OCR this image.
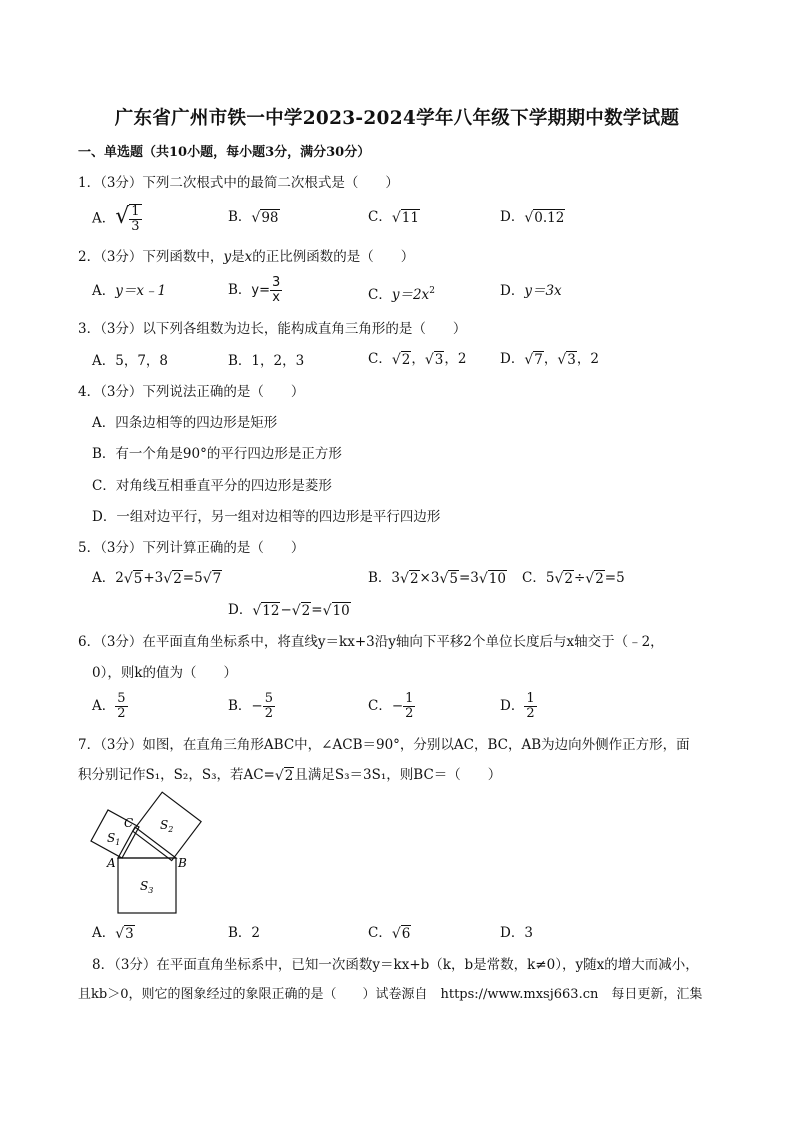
广东省广州市铁一中学2023-2024学年八年级下学期期中数学试题
一、单选题（共10小题，每小题3分，满分30分）
1．（3分）下列二次根式中的最简二次根式是（　　）
A．√ $\frac{1}{3}$	B．√98	C．√11	D．√0.12
2．（3分）下列函数中，y是x的正比例函数的是（　　）
A．y＝x﹣1	B．$y= \frac{3}{x}$	C．$y=2x^2$	D．y＝3x
3．（3分）以下列各组数为边长，能构成直角三角形的是（　　）
A．5，7，8	B．1，2，3	C．√2，√3，2 D．√7，√3，2
4．（3分）下列说法正确的是（　　）
A．四条边相等的四边形是矩形
B．有一个角是90°的平行四边形是正方形
C．对角线互相垂直平分的四边形是菱形
D．一组对边平行，另一组对边相等的四边形是平行四边形
5．（3分）下列计算正确的是（　　）
A．2√5+3√2=5√7	B．3√2×3√5=3√10 C．5√2÷√2=5
D．√12−√2=√10
6．（3分）在平面直角坐标系中，将直线y＝kx+3沿y轴向下平移2个单位长度后与x轴交于（﹣2，
0），则k的值为（　　）
A． $\frac{5}{2}$	B．− $\frac{5}{2}$	C．− $\frac{1}{2}$	D． $\frac{1}{2}$
7．（3分）如图，在直角三角形ABC中，∠ACB＝90°，分别以AC，BC，AB为边向外侧作正方形，面
积分别记作S₁，S₂，S₃，若AC=√2且满足S₃＝3S₁，则BC＝（　　）
A	B
C
$S_1$
$S_2$
$S_3$
A．√3	B．2	C．√6	D．3
8．（3分）在平面直角坐标系中，已知一次函数y＝kx+b（k，b是常数，k≠0），y随x的增大而减小，
且kb＞0，则它的图象经过的象限正确的是（　　）试卷源自　https://www.mxsj663.cn　每日更新，汇集
